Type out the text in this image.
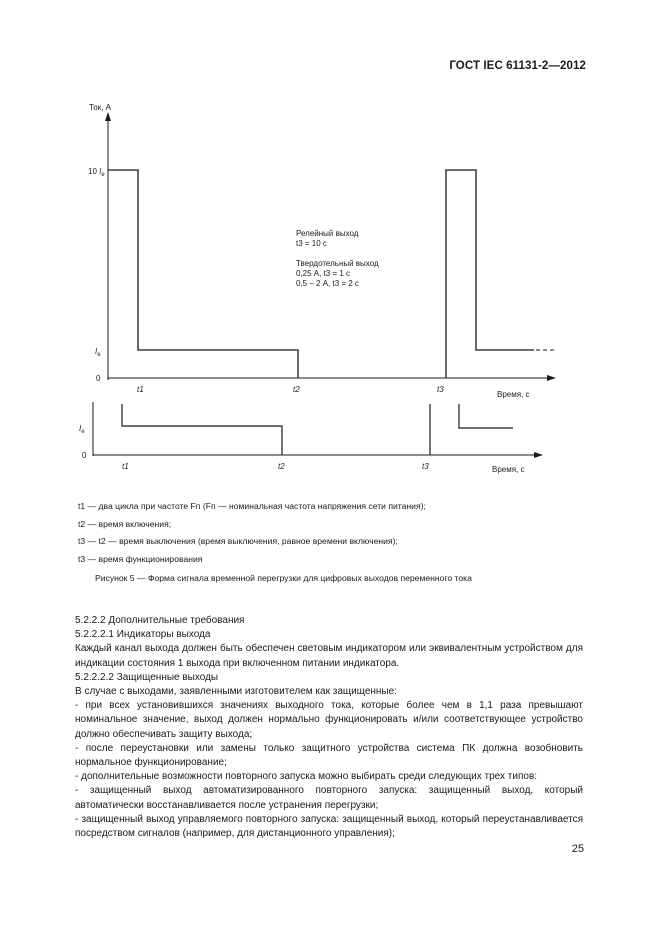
ГОСТ IEC 61131-2—2012
Ток, А
10 $I_e$
$I_e$
0
t1	t2	t3
Время, с
Релейный выход
t3 = 10 с
Твердотельный выход
0,25 А, t3 = 1 с
0,5 – 2 А, t3 = 2 с
$I_e$
0
t1	t2	t3	Время, с
t1 — два цикла при частоте Fп (Fп — номинальная частота напряжения сети питания);
t2 — время включения;
t3 — t2 — время выключения (время выключения, равное времени включения);
t3 — время функционирования
Рисунок 5 — Форма сигнала временной перегрузки для цифровых выходов переменного тока

5.2.2.2 Дополнительные требования

5.2.2.2.1 Индикаторы выхода

Каждый канал выхода должен быть обеспечен световым индикатором или эквивалентным устройством для индикации состояния 1 выхода при включенном питании индикатора.

5.2.2.2.2 Защищенные выходы

В случае с выходами, заявленными изготовителем как защищенные:

- при всех установившихся значениях выходного тока, которые более чем в 1,1 раза превышают номинальное значение, выход должен нормально функционировать и/или соответствующее устройство должно обеспечивать защиту выхода;

- после переустановки или замены только защитного устройства система ПК должна возобновить нормальное функционирование;

- дополнительные возможности повторного запуска можно выбирать среди следующих трех типов:

- защищенный выход автоматизированного повторного запуска: защищенный выход, который автоматически восстанавливается после устранения перегрузки;

- защищенный выход управляемого повторного запуска: защищенный выход, который переустанавливается посредством сигналов (например, для дистанционного управления);

25
